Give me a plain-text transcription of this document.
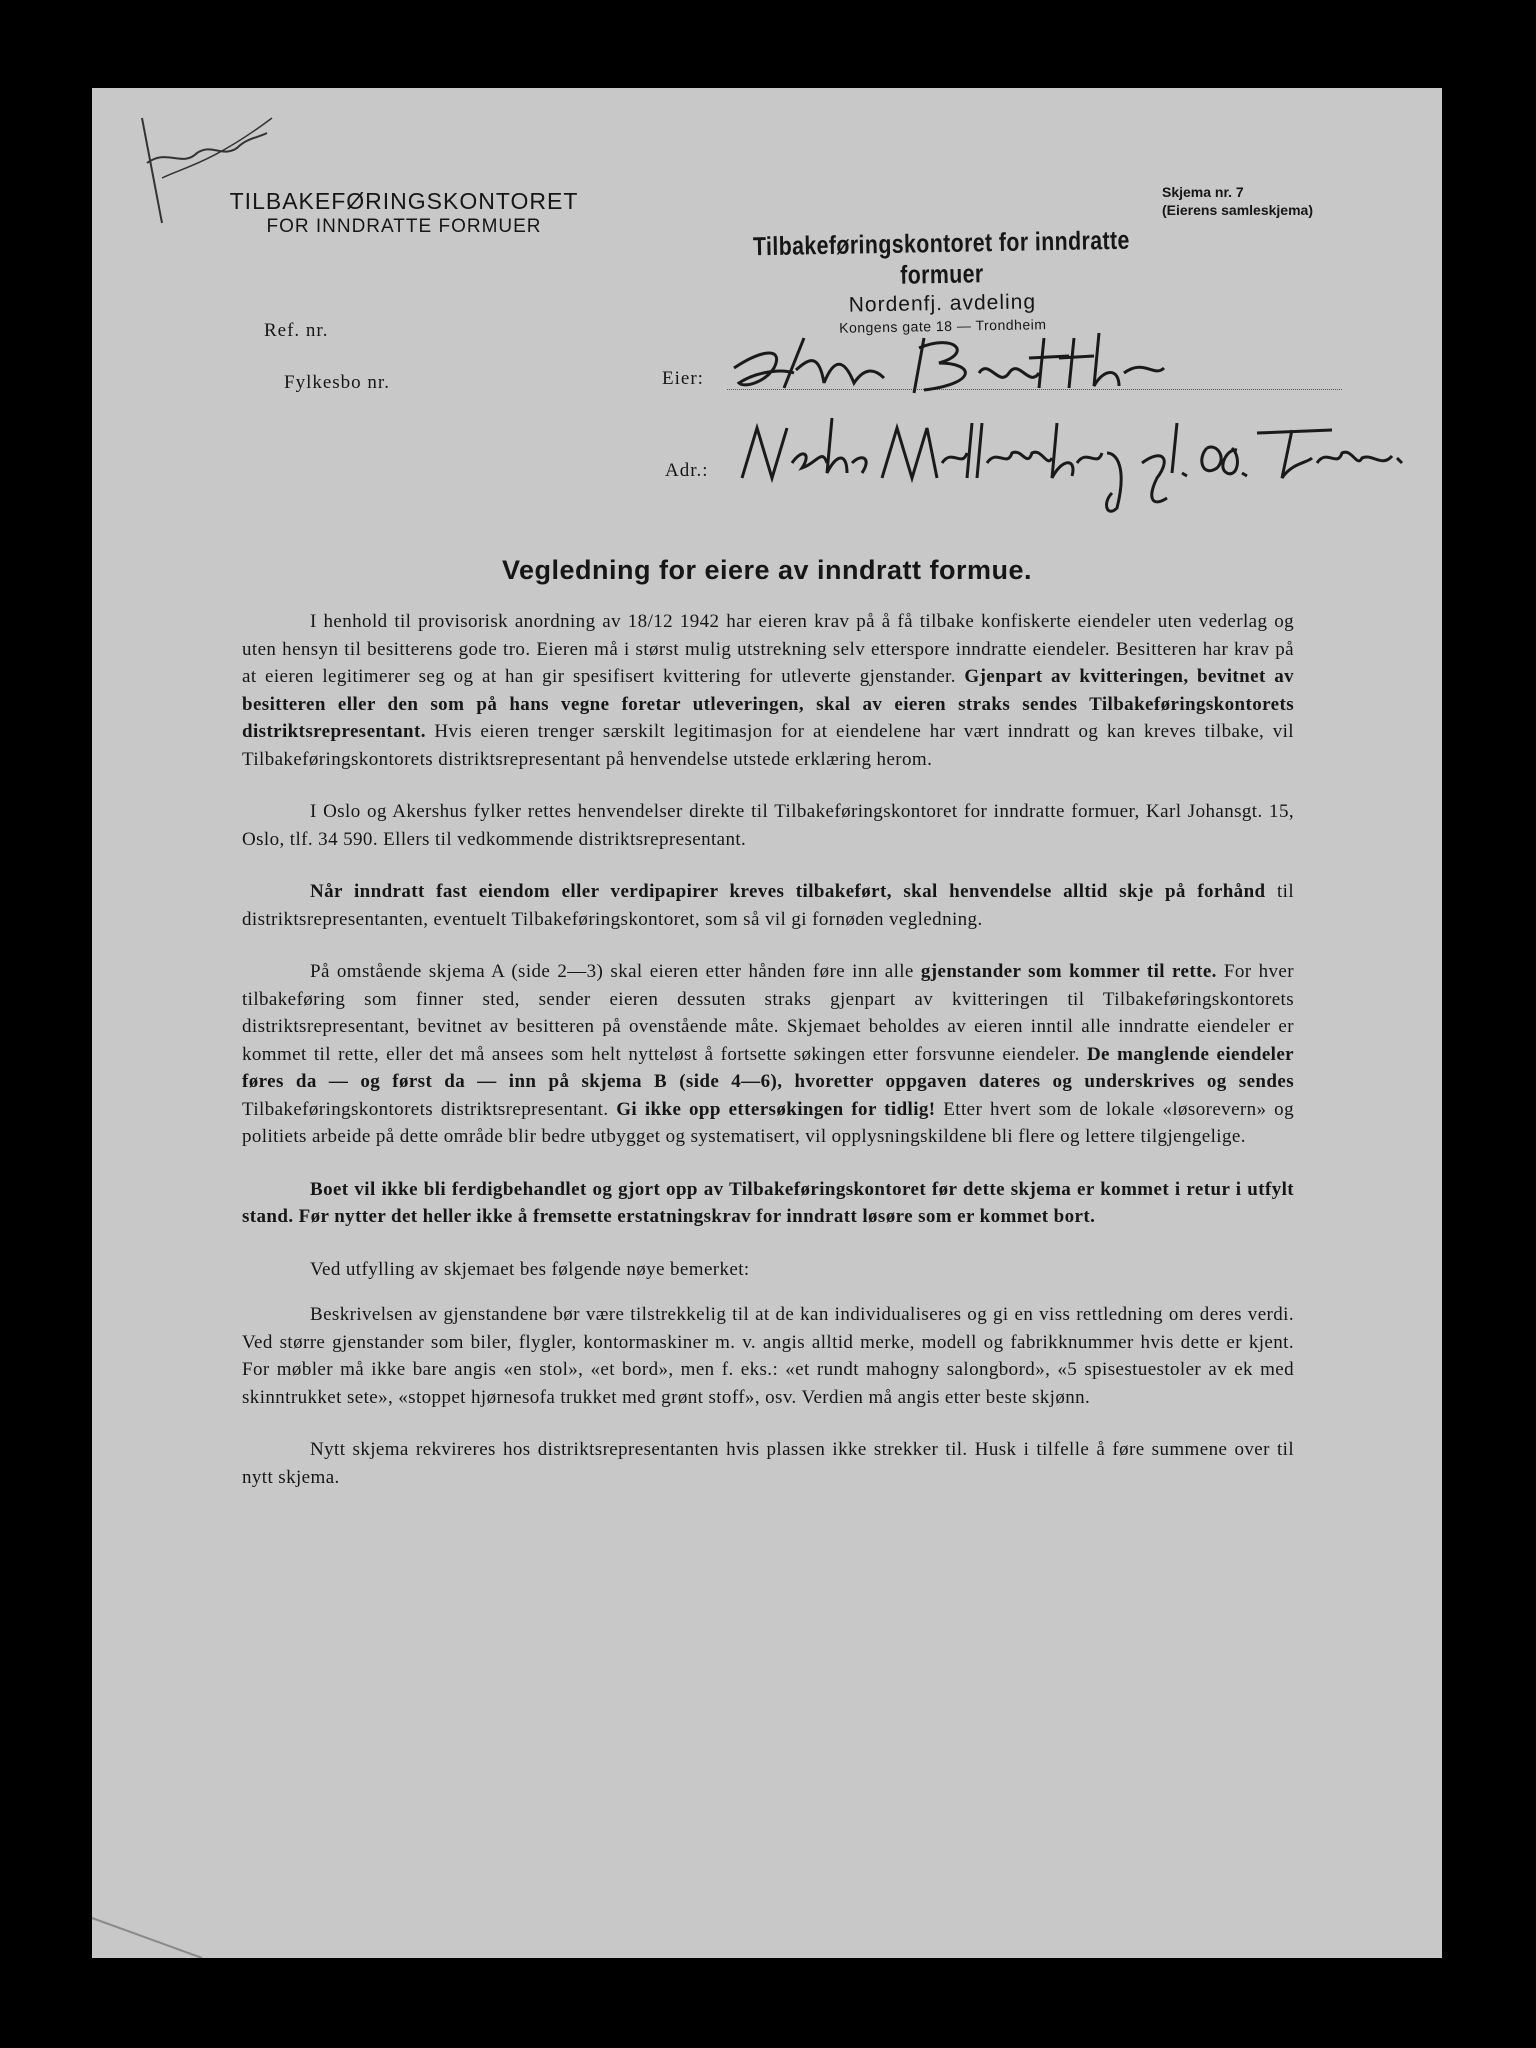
TILBAKEFØRINGSKONTORET
FOR INNDRATTE FORMUER
Skjema nr. 7
(Eierens samleskjema)
Tilbakeføringskontoret for inndratte formuer
Nordenfj. avdeling
Kongens gate 18 — Trondheim
Ref. nr.
Fylkesbo nr.	Eier:
Adr.:
Vegledning for eiere av inndratt formue.

I henhold til provisorisk anordning av 18/12 1942 har eieren krav på å få tilbake konfiskerte eiendeler uten vederlag og uten hensyn til besitterens gode tro. Eieren må i størst mulig utstrekning selv etterspore inndratte eiendeler. Besitteren har krav på at eieren legitimerer seg og at han gir spesifisert kvittering for utleverte gjenstander. Gjenpart av kvitteringen, bevitnet av besitteren eller den som på hans vegne foretar utleveringen, skal av eieren straks sendes Tilbakeføringskontorets distriktsrepresentant. Hvis eieren trenger særskilt legitimasjon for at eiendelene har vært inndratt og kan kreves tilbake, vil Tilbakeføringskontorets distriktsrepresentant på henvendelse utstede erklæring herom.

I Oslo og Akershus fylker rettes henvendelser direkte til Tilbakeføringskontoret for inndratte formuer, Karl Johansgt. 15, Oslo, tlf. 34 590. Ellers til vedkommende distriktsrepresentant.

Når inndratt fast eiendom eller verdipapirer kreves tilbakeført, skal henvendelse alltid skje på forhånd til distriktsrepresentanten, eventuelt Tilbakeføringskontoret, som så vil gi fornøden vegledning.

På omstående skjema A (side 2—3) skal eieren etter hånden føre inn alle gjenstander som kommer til rette. For hver tilbakeføring som finner sted, sender eieren dessuten straks gjenpart av kvitteringen til Tilbakeføringskontorets distriktsrepresentant, bevitnet av besitteren på ovenstående måte. Skjemaet beholdes av eieren inntil alle inndratte eiendeler er kommet til rette, eller det må ansees som helt nytteløst å fortsette søkingen etter forsvunne eiendeler. De manglende eiendeler føres da — og først da — inn på skjema B (side 4—6), hvoretter oppgaven dateres og underskrives og sendes Tilbakeføringskontorets distriktsrepresentant. Gi ikke opp ettersøkingen for tidlig! Etter hvert som de lokale «løsorevern» og politiets arbeide på dette område blir bedre utbygget og systematisert, vil opplysningskildene bli flere og lettere tilgjengelige.

Boet vil ikke bli ferdigbehandlet og gjort opp av Tilbakeføringskontoret før dette skjema er kommet i retur i utfylt stand. Før nytter det heller ikke å fremsette erstatningskrav for inndratt løsøre som er kommet bort.

Ved utfylling av skjemaet bes følgende nøye bemerket:

Beskrivelsen av gjenstandene bør være tilstrekkelig til at de kan individualiseres og gi en viss rettledning om deres verdi. Ved større gjenstander som biler, flygler, kontormaskiner m. v. angis alltid merke, modell og fabrikknummer hvis dette er kjent. For møbler må ikke bare angis «en stol», «et bord», men f. eks.: «et rundt mahogny salongbord», «5 spisestuestoler av ek med skinntrukket sete», «stoppet hjørnesofa trukket med grønt stoff», osv. Verdien må angis etter beste skjønn.

Nytt skjema rekvireres hos distriktsrepresentanten hvis plassen ikke strekker til. Husk i tilfelle å føre summene over til nytt skjema.
